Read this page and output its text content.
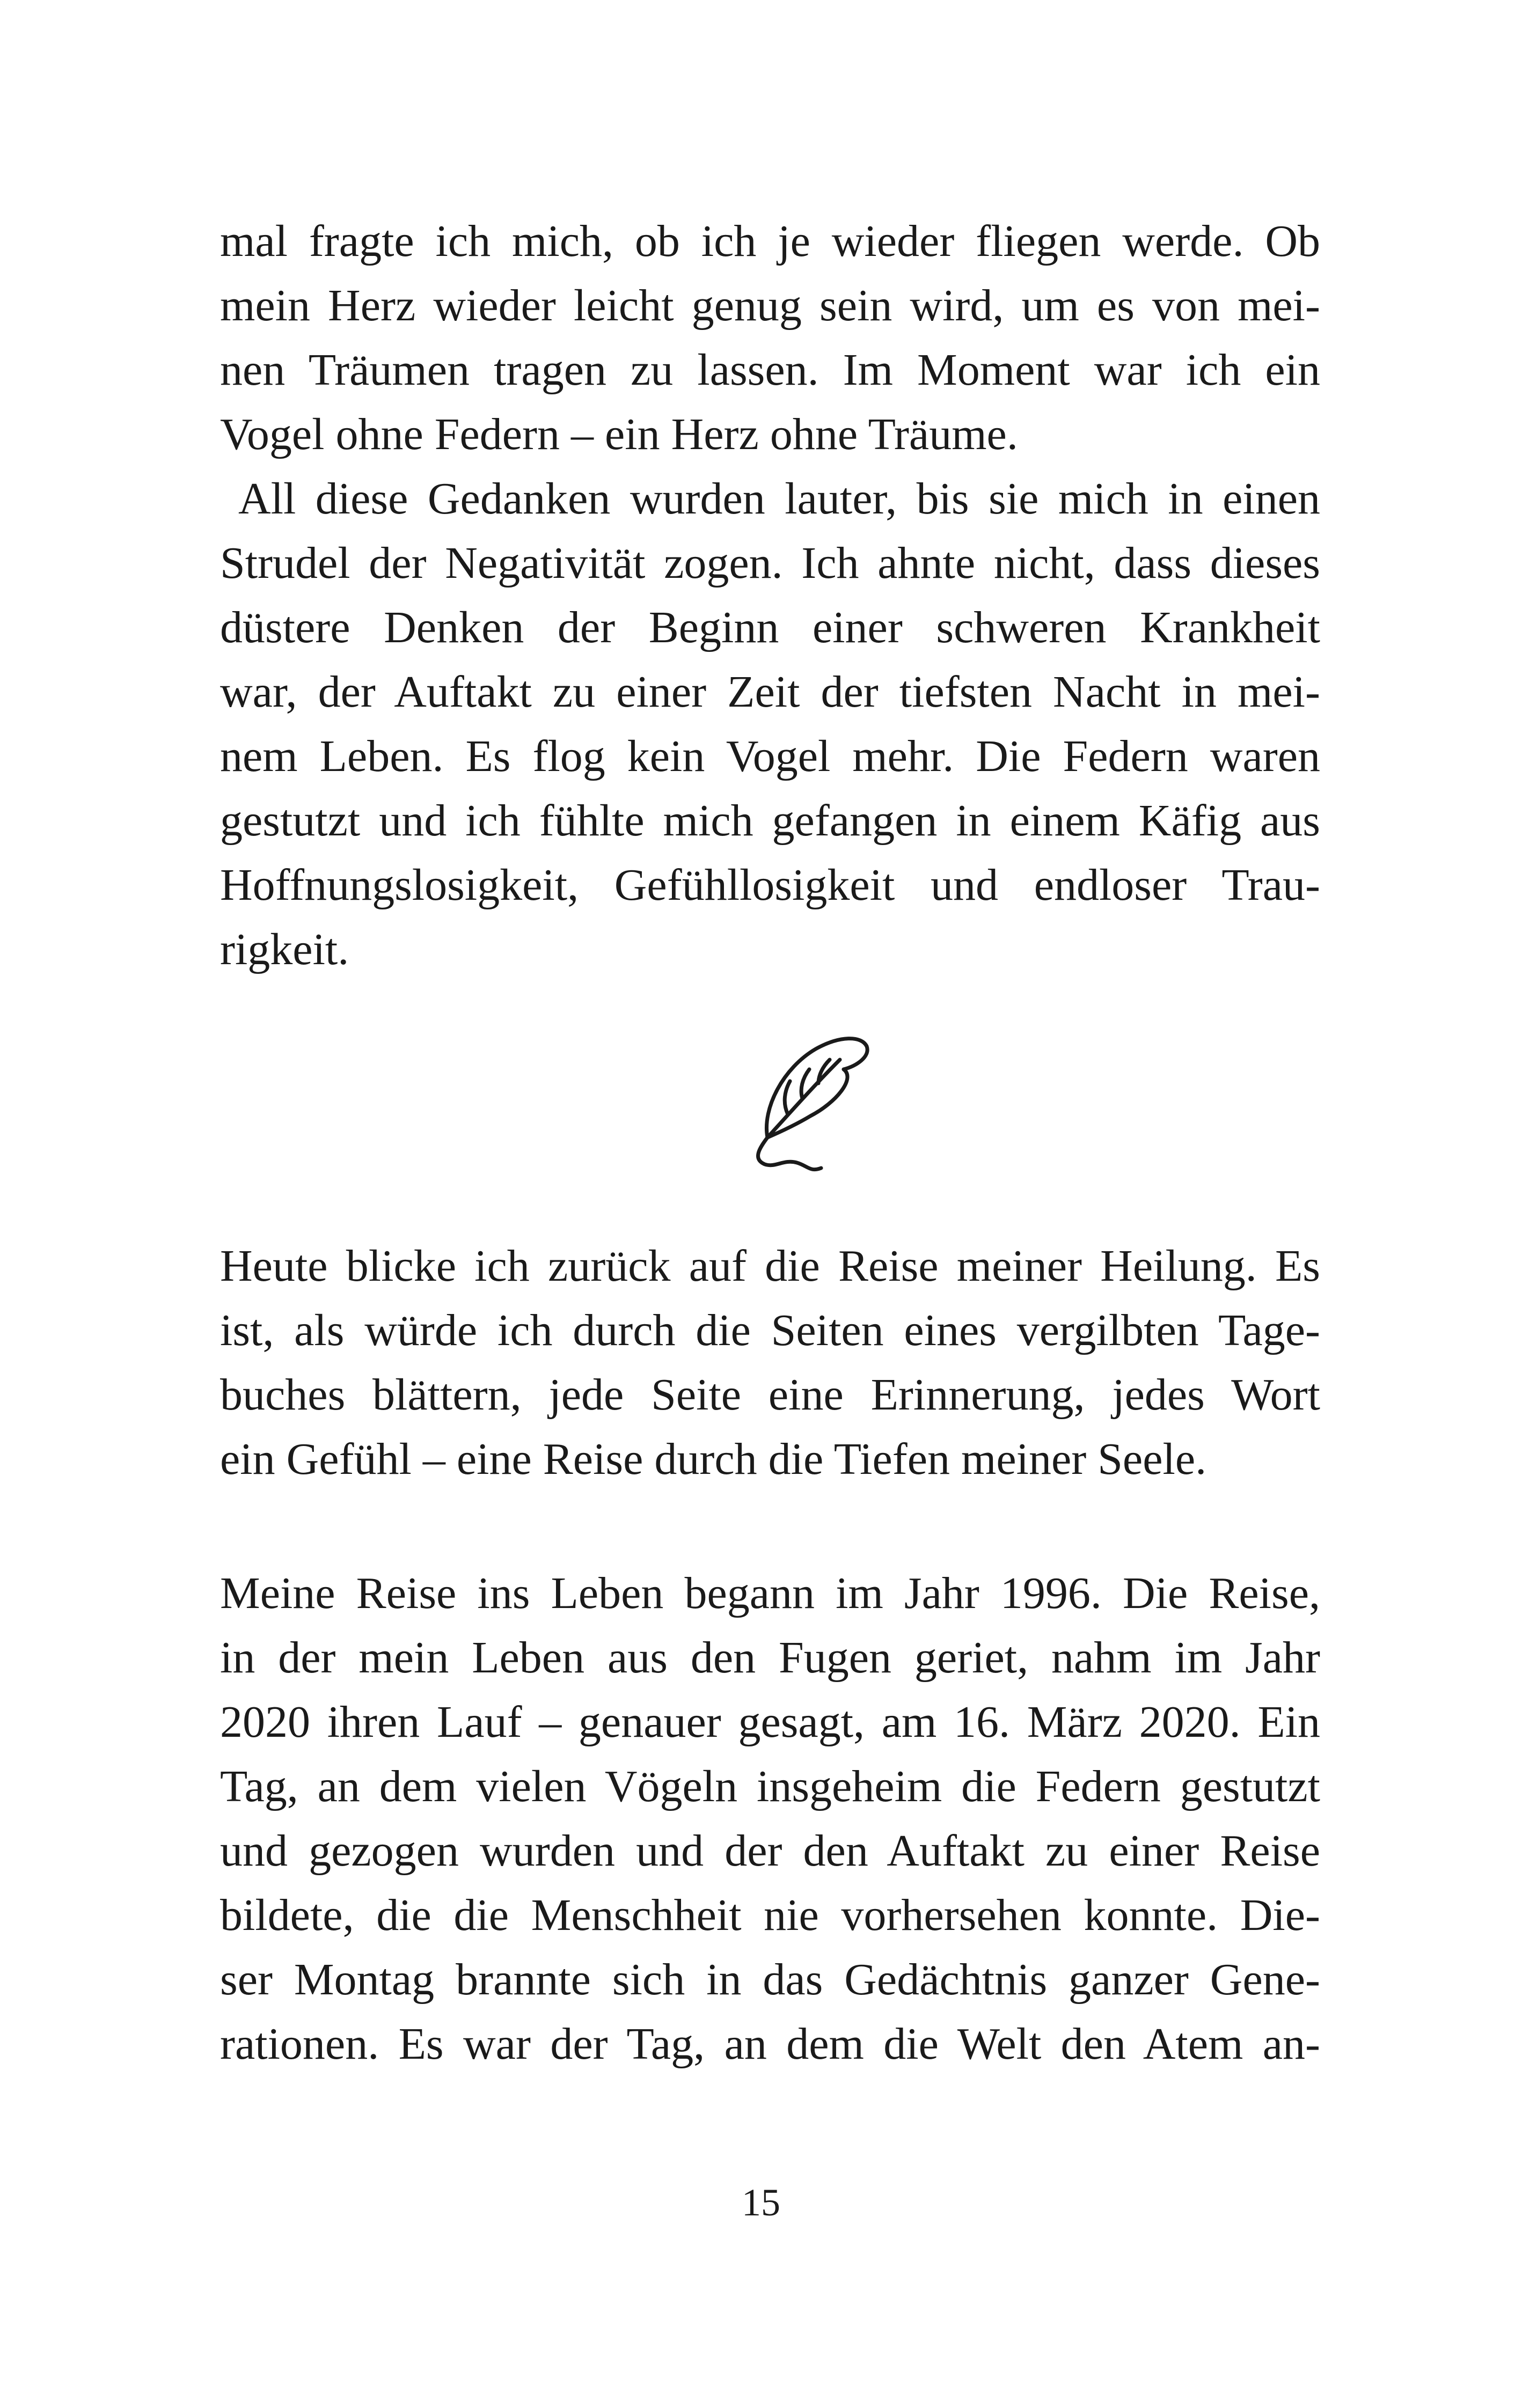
mal fragte ich mich, ob ich je wieder fliegen werde. Ob
mein Herz wieder leicht genug sein wird, um es von mei-
nen Träumen tragen zu lassen. Im Moment war ich ein
Vogel ohne Federn – ein Herz ohne Träume.
All diese Gedanken wurden lauter, bis sie mich in einen
Strudel der Negativität zogen. Ich ahnte nicht, dass dieses
düstere Denken der Beginn einer schweren Krankheit
war, der Auftakt zu einer Zeit der tiefsten Nacht in mei-
nem Leben. Es flog kein Vogel mehr. Die Federn waren
gestutzt und ich fühlte mich gefangen in einem Käfig aus
Hoffnungslosigkeit, Gefühllosigkeit und endloser Trau-
rigkeit.
Heute blicke ich zurück auf die Reise meiner Heilung. Es
ist, als würde ich durch die Seiten eines vergilbten Tage-
buches blättern, jede Seite eine Erinnerung, jedes Wort
ein Gefühl – eine Reise durch die Tiefen meiner Seele.
Meine Reise ins Leben begann im Jahr 1996. Die Reise,
in der mein Leben aus den Fugen geriet, nahm im Jahr
2020 ihren Lauf – genauer gesagt, am 16. März 2020. Ein
Tag, an dem vielen Vögeln insgeheim die Federn gestutzt
und gezogen wurden und der den Auftakt zu einer Reise
bildete, die die Menschheit nie vorhersehen konnte. Die-
ser Montag brannte sich in das Gedächtnis ganzer Gene-
rationen. Es war der Tag, an dem die Welt den Atem an-
15
